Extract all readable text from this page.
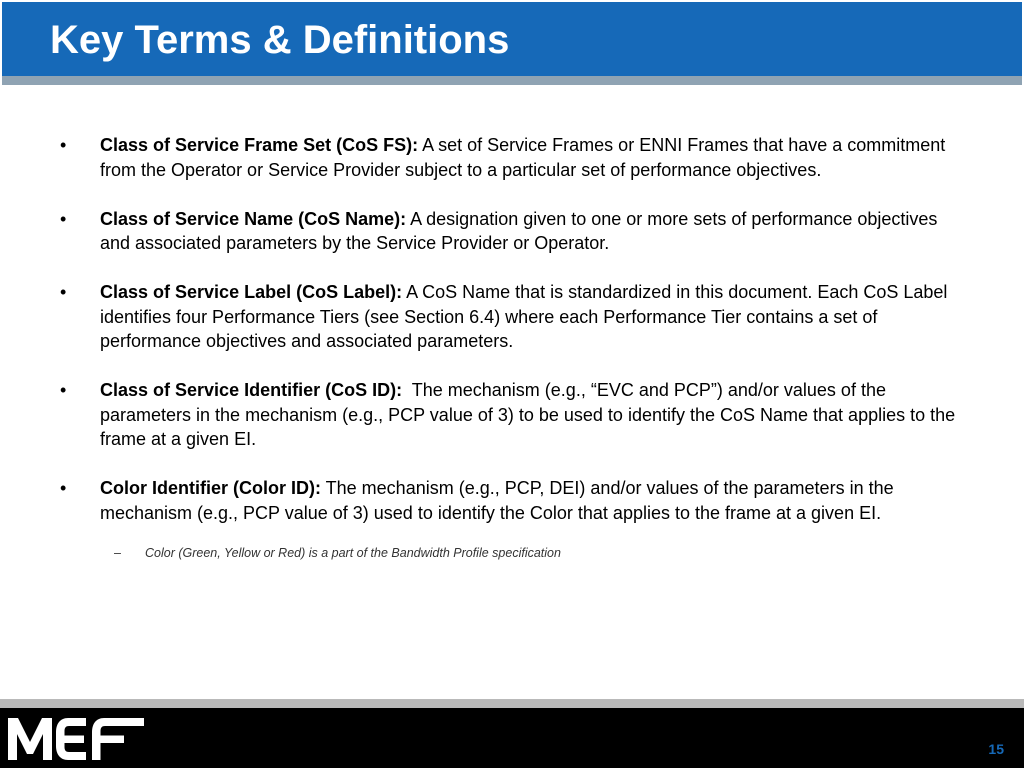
Key Terms & Definitions
• Class of Service Frame Set (CoS FS): A set of Service Frames or ENNI Frames that have a commitment from the Operator or Service Provider subject to a particular set of performance objectives.
• Class of Service Name (CoS Name): A designation given to one or more sets of performance objectives and associated parameters by the Service Provider or Operator.
• Class of Service Label (CoS Label): A CoS Name that is standardized in this document. Each CoS Label identifies four Performance Tiers (see Section 6.4) where each Performance Tier contains a set of performance objectives and associated parameters.
• Class of Service Identifier (CoS ID):  The mechanism (e.g., “EVC and PCP”) and/or values of the parameters in the mechanism (e.g., PCP value of 3) to be used to identify the CoS Name that applies to the frame at a given EI.
• Color Identifier (Color ID): The mechanism (e.g., PCP, DEI) and/or values of the parameters in the mechanism (e.g., PCP value of 3) used to identify the Color that applies to the frame at a given EI.
– Color (Green, Yellow or Red) is a part of the Bandwidth Profile specification
15
